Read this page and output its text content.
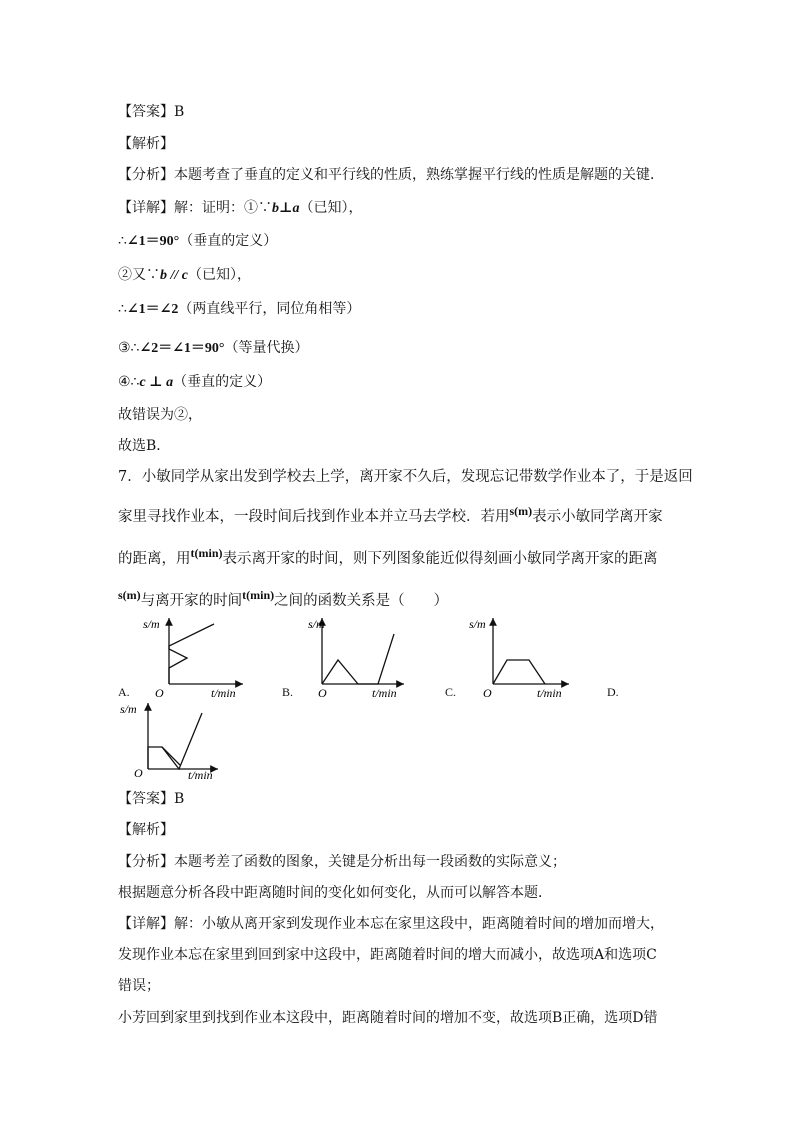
【答案】B
【解析】
【分析】本题考查了垂直的定义和平行线的性质，熟练掌握平行线的性质是解题的关键．
【详解】解：证明：①∵b⊥a（已知），
∴∠1＝90°（垂直的定义）
②又∵b // c（已知），
∴∠1＝∠2（两直线平行，同位角相等）
③∴∠2＝∠1＝90°（等量代换）
④∴c ⊥ a（垂直的定义）
故错误为②，
故选B．
7．小敏同学从家出发到学校去上学，离开家不久后，发现忘记带数学作业本了，于是返回
家里寻找作业本，一段时间后找到作业本并立马去学校．若用$^{s(m)}$表示小敏同学离开家
的距离，用$^{t(min)}$表示离开家的时间，则下列图象能近似得刻画小敏同学离开家的距离
$^{s(m)}$与离开家的时间$^{t(min)}$之间的函数关系是（　　）
A.	B.	C.	D.
s/m
O	t/min
s/m
O	t/min
s/m
O	t/min
s/m
O	t/min
【答案】B
【解析】
【分析】本题考差了函数的图象，关键是分析出每一段函数的实际意义；
根据题意分析各段中距离随时间的变化如何变化，从而可以解答本题．
【详解】解：小敏从离开家到发现作业本忘在家里这段中，距离随着时间的增加而增大，
发现作业本忘在家里到回到家中这段中，距离随着时间的增大而减小，故选项A和选项C
错误；
小芳回到家里到找到作业本这段中，距离随着时间的增加不变，故选项B正确，选项D错
